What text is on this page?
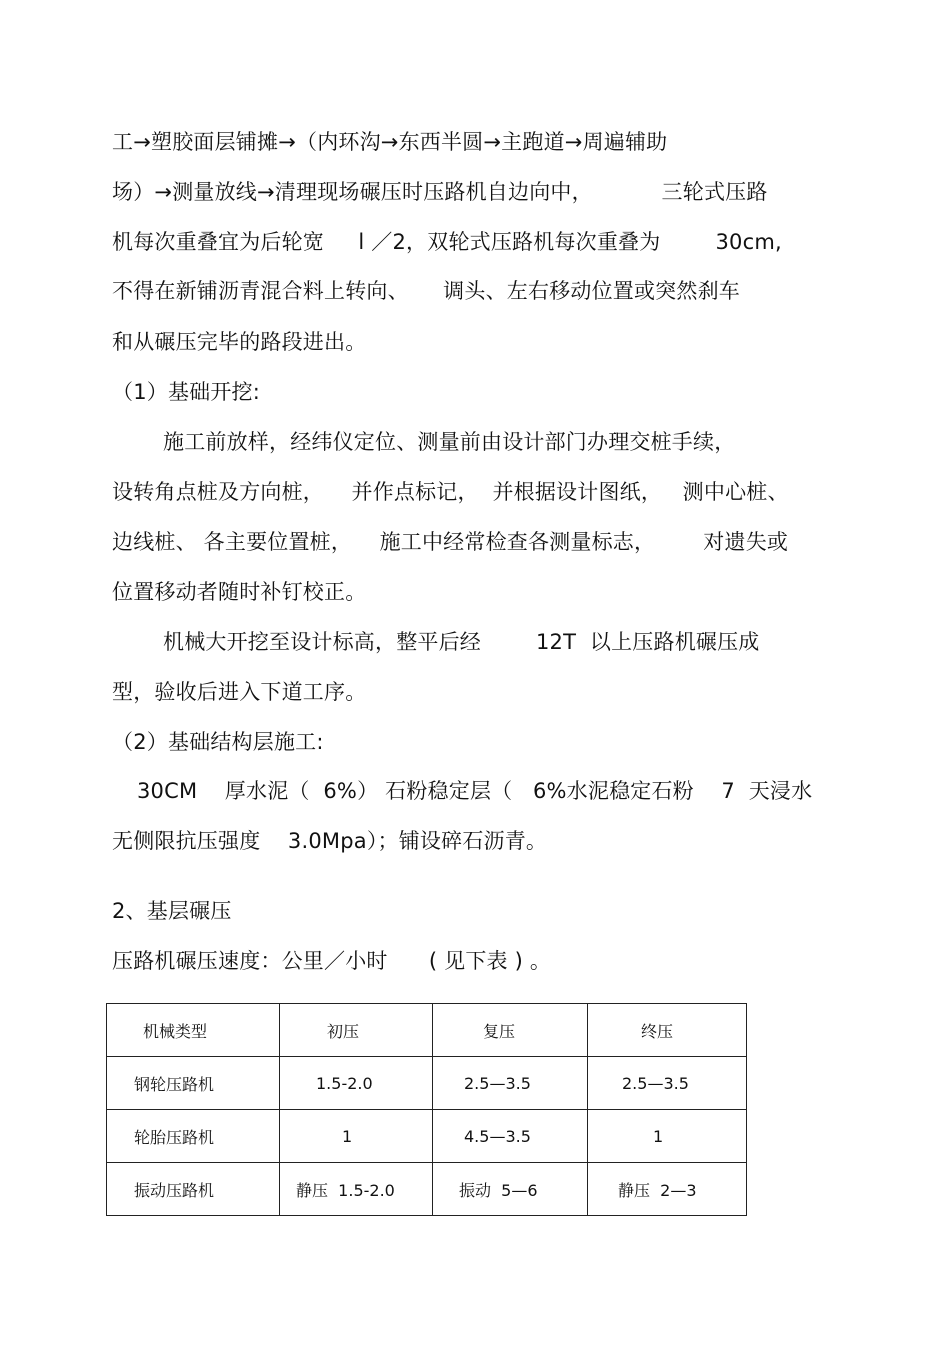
工→塑胶面层铺摊→（内环沟→东西半圆→主跑道→周遍辅助
场）→测量放线→清理现场碾压时压路机自边向中，          三轮式压路
机每次重叠宜为后轮宽     l ／2，双轮式压路机每次重叠为        30cm,
不得在新铺沥青混合料上转向、     调头、左右移动位置或突然刹车
和从碾压完毕的路段进出。
（1）基础开挖:
施工前放样，经纬仪定位、测量前由设计部门办理交桩手续，
设转角点桩及方向桩，    并作点标记，  并根据设计图纸，   测中心桩、
边线桩、 各主要位置桩，    施工中经常检查各测量标志，       对遗失或
位置移动者随时补钉校正。
机械大开挖至设计标高，整平后经        12T  以上压路机碾压成
型，验收后进入下道工序。
（2）基础结构层施工:
30CM    厚水泥（  6%） 石粉稳定层（   6%水泥稳定石粉    7  天浸水
无侧限抗压强度    3.0Mpa）；铺设碎石沥青。
2、基层碾压
压路机碾压速度：公里／小时      ( 见下表 ) 。
机械类型	初压	复压	终压
钢轮压路机	1.5-2.0	2.5—3.5	2.5—3.5
轮胎压路机	1	4.5—3.5	1
振动压路机	静压  1.5-2.0	振动  5—6	静压  2—3
